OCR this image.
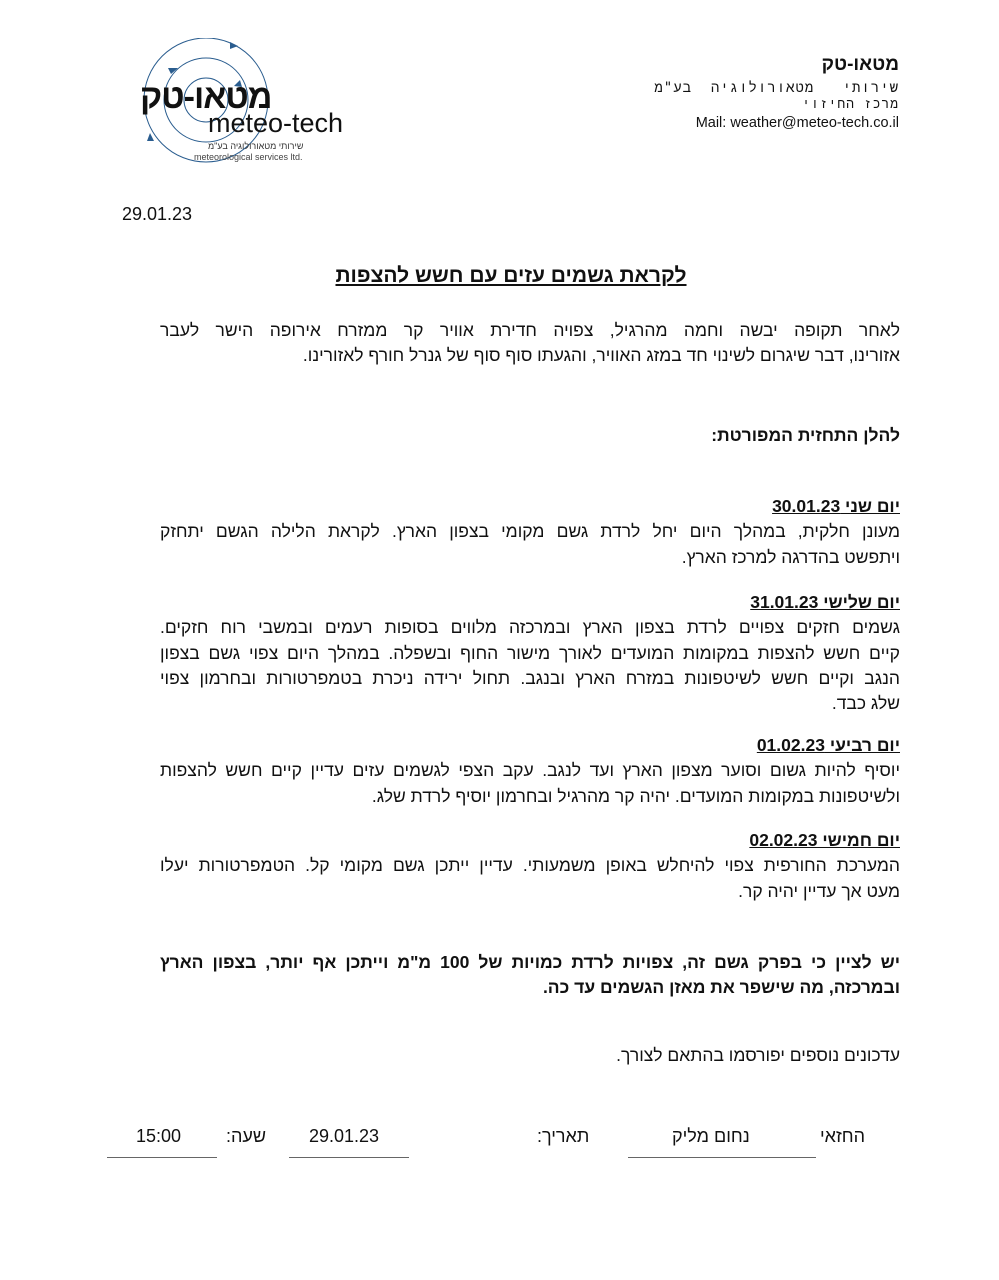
מטאו-טק
meteo-tech
שירותי מטאורולוגיה בע"מ
meteorological services ltd.
מטאו-טק
שירותי   מטאורולוגיה  בע"מ
מרכז החיזוי
Mail: weather@meteo-tech.co.il
29.01.23
לקראת גשמים עזים עם חשש להצפות
לאחר תקופה יבשה וחמה מהרגיל, צפויה חדירת אוויר קר ממזרח אירופה הישר לעבר
אזורינו, דבר שיגרום לשינוי חד במזג האוויר, והגעתו סוף סוף של גנרל חורף לאזורינו.
להלן התחזית המפורטת:
יום שני 30.01.23
מעונן חלקית, במהלך היום יחל לרדת גשם מקומי בצפון הארץ. לקראת הלילה הגשם יתחזק
ויתפשט בהדרגה למרכז הארץ.
יום שלישי 31.01.23
גשמים חזקים צפויים לרדת בצפון הארץ ובמרכזה מלווים בסופות רעמים ובמשבי רוח חזקים.
קיים חשש להצפות במקומות המועדים לאורך מישור החוף ובשפלה. במהלך היום צפוי גשם בצפון
הנגב וקיים חשש לשיטפונות במזרח הארץ ובנגב. תחול ירידה ניכרת בטמפרטורות ובחרמון צפוי
שלג כבד.
יום רביעי 01.02.23
יוסיף להיות גשום וסוער מצפון הארץ ועד לנגב. עקב הצפי לגשמים עזים עדיין קיים חשש להצפות
ולשיטפונות במקומות המועדים. יהיה קר מהרגיל ובחרמון יוסיף לרדת שלג.
יום חמישי 02.02.23
המערכת החורפית צפוי להיחלש באופן משמעותי. עדיין ייתכן גשם מקומי קל. הטמפרטורות יעלו
מעט אך עדיין יהיה קר.
יש לציין כי בפרק גשם זה, צפויות לרדת כמויות של 100 מ"מ וייתכן אף יותר, בצפון הארץ
ובמרכזה, מה שישפר את מאזן הגשמים עד כה.
עדכונים נוספים יפורסמו בהתאם לצורך.
החזאי
נחום מליק
תאריך:
29.01.23
שעה:
15:00
